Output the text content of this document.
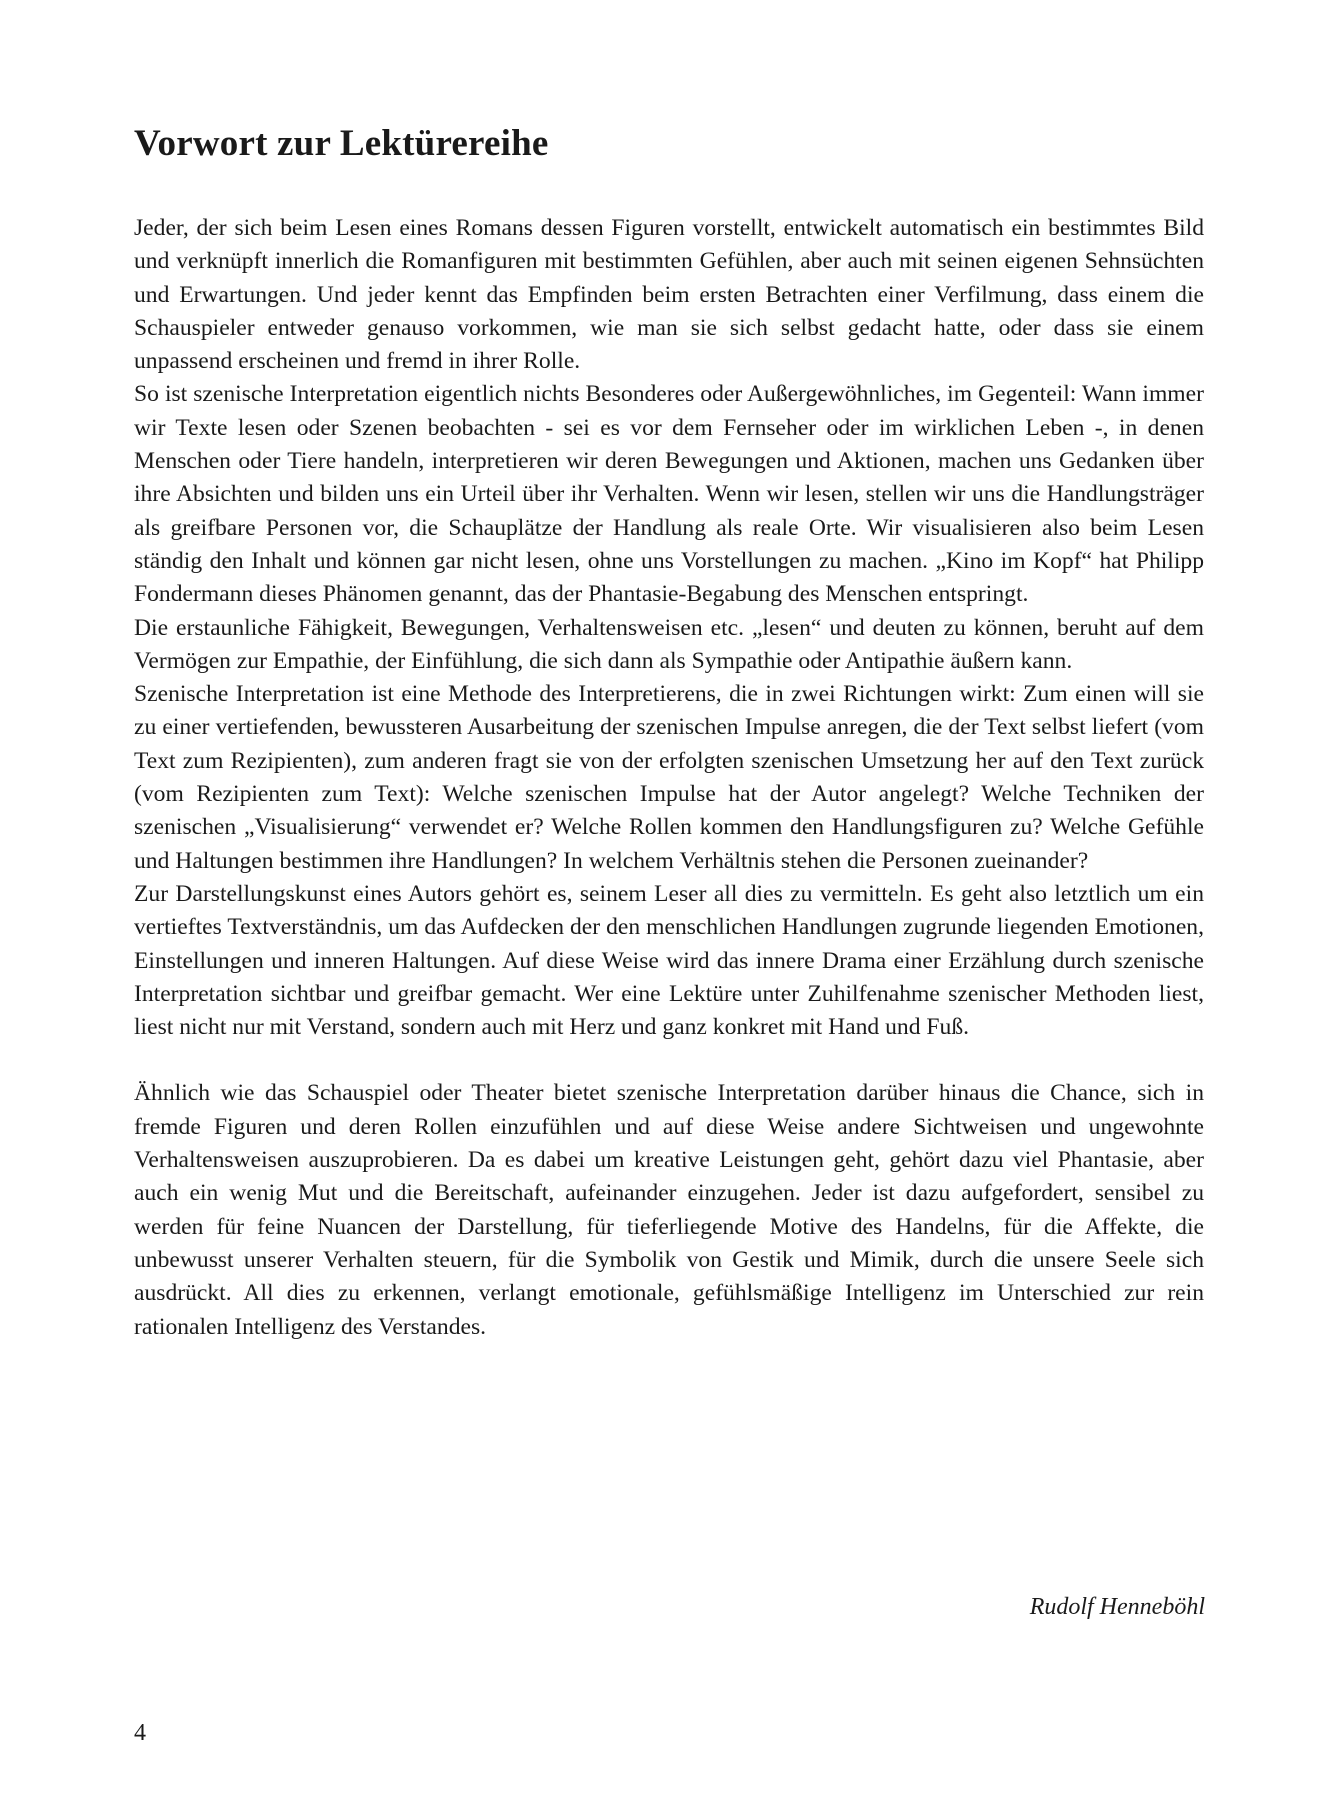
Vorwort zur Lektürereihe

Jeder, der sich beim Lesen eines Romans dessen Figuren vorstellt, entwickelt automatisch ein bestimmtes Bild und verknüpft innerlich die Romanfiguren mit bestimmten Gefühlen, aber auch mit seinen eigenen Sehnsüchten und Erwartungen. Und jeder kennt das Empfinden beim ersten Betrachten einer Verfilmung, dass einem die Schauspieler entweder genauso vorkommen, wie man sie sich selbst gedacht hatte, oder dass sie einem unpassend erscheinen und fremd in ihrer Rolle.

So ist szenische Interpretation eigentlich nichts Besonderes oder Außergewöhnliches, im Gegenteil: Wann immer wir Texte lesen oder Szenen beobachten - sei es vor dem Fernseher oder im wirklichen Leben -, in denen Menschen oder Tiere handeln, interpretieren wir deren Bewegungen und Aktionen, machen uns Gedanken über ihre Absichten und bilden uns ein Urteil über ihr Verhalten. Wenn wir lesen, stellen wir uns die Handlungsträger als greifbare Personen vor, die Schauplätze der Handlung als reale Orte. Wir visualisieren also beim Lesen ständig den Inhalt und können gar nicht lesen, ohne uns Vorstellungen zu machen. „Kino im Kopf“ hat Philipp Fondermann dieses Phänomen genannt, das der Phantasie-Begabung des Menschen entspringt.

Die erstaunliche Fähigkeit, Bewegungen, Verhaltensweisen etc. „lesen“ und deuten zu können, beruht auf dem Vermögen zur Empathie, der Einfühlung, die sich dann als Sympathie oder Antipathie äußern kann.

Szenische Interpretation ist eine Methode des Interpretierens, die in zwei Richtungen wirkt: Zum einen will sie zu einer vertiefenden, bewussteren Ausarbeitung der szenischen Impulse anregen, die der Text selbst liefert (vom Text zum Rezipienten), zum anderen fragt sie von der erfolgten szenischen Umsetzung her auf den Text zurück (vom Rezipienten zum Text): Welche szenischen Impulse hat der Autor angelegt? Welche Techniken der szenischen „Visualisierung“ verwendet er? Welche Rollen kommen den Handlungsfiguren zu? Welche Gefühle und Haltungen bestimmen ihre Handlungen? In welchem Verhältnis stehen die Personen zueinander?

Zur Darstellungskunst eines Autors gehört es, seinem Leser all dies zu vermitteln. Es geht also letztlich um ein vertieftes Textverständnis, um das Aufdecken der den menschlichen Handlungen zugrunde liegenden Emotionen, Einstellungen und inneren Haltungen. Auf diese Weise wird das innere Drama einer Erzählung durch szenische Interpretation sichtbar und greifbar gemacht. Wer eine Lektüre unter Zuhilfenahme szenischer Methoden liest, liest nicht nur mit Verstand, sondern auch mit Herz und ganz konkret mit Hand und Fuß.

Ähnlich wie das Schauspiel oder Theater bietet szenische Interpretation darüber hinaus die Chance, sich in fremde Figuren und deren Rollen einzufühlen und auf diese Weise andere Sichtweisen und ungewohnte Verhaltensweisen auszuprobieren. Da es dabei um kreative Leistungen geht, gehört dazu viel Phantasie, aber auch ein wenig Mut und die Bereitschaft, aufeinander einzugehen. Jeder ist dazu aufgefordert, sensibel zu werden für feine Nuancen der Darstellung, für tieferliegende Motive des Handelns, für die Affekte, die unbewusst unserer Verhalten steuern, für die Symbolik von Gestik und Mimik, durch die unsere Seele sich ausdrückt. All dies zu erkennen, verlangt emotionale, gefühlsmäßige Intelligenz im Unterschied zur rein rationalen Intelligenz des Verstandes.

Rudolf Henneböhl

4
